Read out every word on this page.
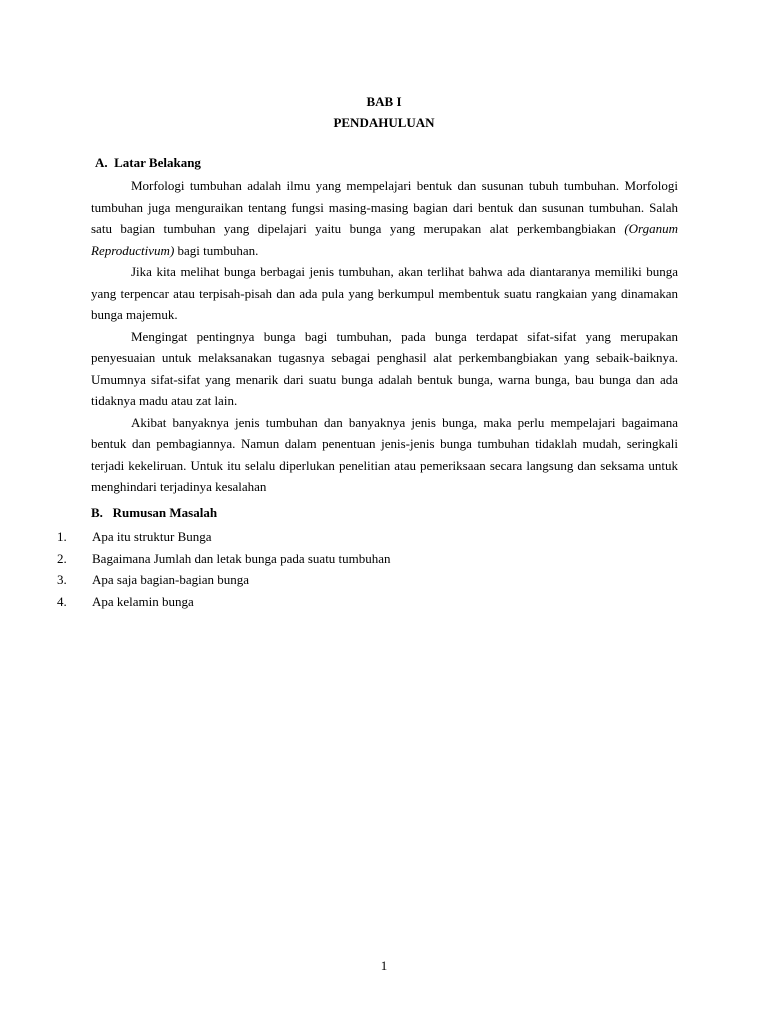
BAB I
PENDAHULUAN
A.  Latar Belakang

Morfologi tumbuhan adalah ilmu yang mempelajari bentuk dan susunan tubuh tumbuhan. Morfologi tumbuhan juga menguraikan tentang fungsi masing-masing bagian dari bentuk dan susunan tumbuhan. Salah satu bagian tumbuhan yang dipelajari yaitu bunga yang merupakan alat perkembangbiakan (Organum Reproductivum) bagi tumbuhan.

Jika kita melihat bunga berbagai jenis tumbuhan, akan terlihat bahwa ada diantaranya memiliki bunga yang terpencar atau terpisah-pisah dan ada pula yang berkumpul membentuk suatu rangkaian yang dinamakan bunga majemuk.

Mengingat pentingnya bunga bagi tumbuhan, pada bunga terdapat sifat-sifat yang merupakan penyesuaian untuk melaksanakan tugasnya sebagai penghasil alat perkembangbiakan yang sebaik-baiknya. Umumnya sifat-sifat yang menarik dari suatu bunga adalah bentuk bunga, warna bunga, bau bunga dan ada tidaknya madu atau zat lain.

Akibat banyaknya jenis tumbuhan dan banyaknya jenis bunga, maka perlu mempelajari bagaimana bentuk dan pembagiannya. Namun dalam penentuan jenis-jenis bunga tumbuhan tidaklah mudah, seringkali terjadi kekeliruan. Untuk itu selalu diperlukan penelitian atau pemeriksaan secara langsung dan seksama untuk menghindari terjadinya kesalahan

B.   Rumusan Masalah
1. Apa itu struktur Bunga
2. Bagaimana Jumlah dan letak bunga pada suatu tumbuhan
3. Apa saja bagian-bagian bunga
4. Apa kelamin bunga
1
